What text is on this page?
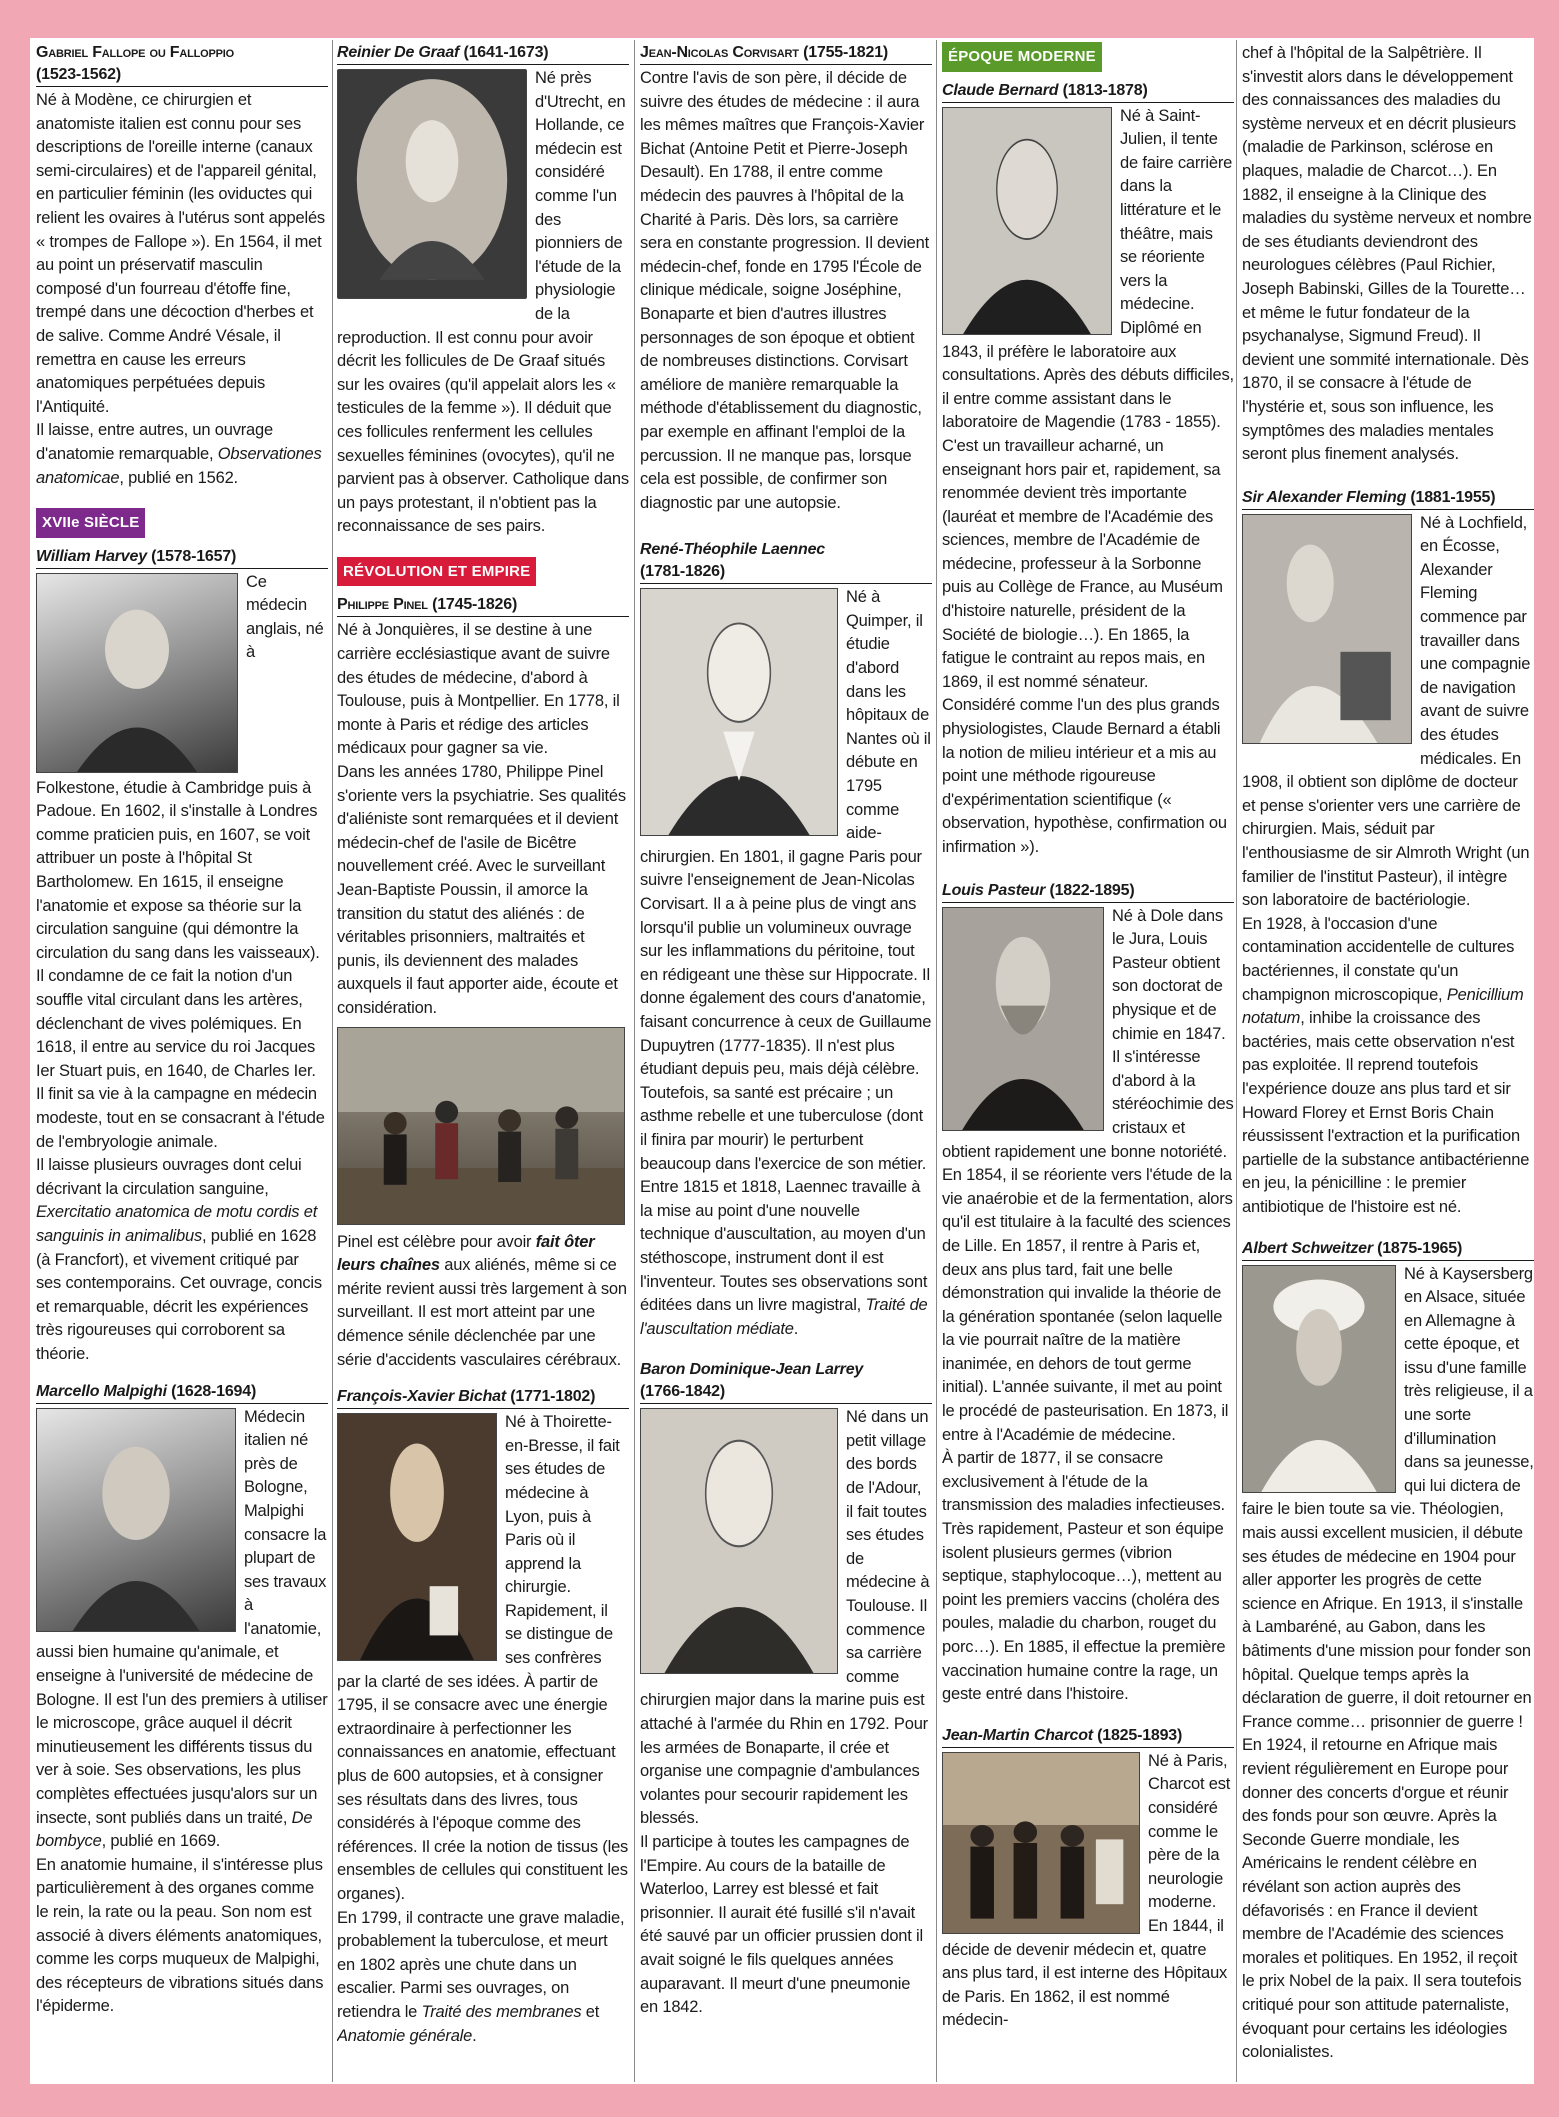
Gabriel Fallope ou Falloppio
(1523-1562)

Né à Modène, ce chirurgien et anatomiste italien est connu pour ses descriptions de l'oreille interne (canaux semi-circulaires) et de l'appareil génital, en particulier féminin (les oviductes qui relient les ovaires à l'utérus sont appelés « trompes de Fallope »). En 1564, il met au point un préservatif masculin composé d'un fourreau d'étoffe fine, trempé dans une décoction d'herbes et de salive. Comme André Vésale, il remettra en cause les erreurs anatomiques perpétuées depuis l'Antiquité.

Il laisse, entre autres, un ouvrage d'anatomie remarquable, Observationes anatomicae, publié en 1562.

XVIIe SIÈCLE
William Harvey (1578-1657)

Ce médecin anglais, né à Folkestone, étudie à Cambridge puis à Padoue. En 1602, il s'installe à Londres comme praticien puis, en 1607, se voit attribuer un poste à l'hôpital St Bartholomew. En 1615, il enseigne l'anatomie et expose sa théorie sur la circulation sanguine (qui démontre la circulation du sang dans les vaisseaux). Il condamne de ce fait la notion d'un souffle vital circulant dans les artères, déclenchant de vives polémiques. En 1618, il entre au service du roi Jacques Ier Stuart puis, en 1640, de Charles Ier. Il finit sa vie à la campagne en médecin modeste, tout en se consacrant à l'étude de l'embryologie animale.

Il laisse plusieurs ouvrages dont celui décrivant la circulation sanguine, Exercitatio anatomica de motu cordis et sanguinis in animalibus, publié en 1628 (à Francfort), et vivement critiqué par ses contemporains. Cet ouvrage, concis et remarquable, décrit les expériences très rigoureuses qui corroborent sa théorie.

Marcello Malpighi (1628-1694)

Médecin italien né près de Bologne, Malpighi consacre la plupart de ses travaux à l'anatomie, aussi bien humaine qu'animale, et enseigne à l'université de médecine de Bologne. Il est l'un des premiers à utiliser le microscope, grâce auquel il décrit minutieusement les différents tissus du ver à soie. Ses observations, les plus complètes effectuées jusqu'alors sur un insecte, sont publiés dans un traité, De bombyce, publié en 1669.

En anatomie humaine, il s'intéresse plus particulièrement à des organes comme le rein, la rate ou la peau. Son nom est associé à divers éléments anatomiques, comme les corps muqueux de Malpighi, des récepteurs de vibrations situés dans l'épiderme.

Reinier De Graaf (1641-1673)

Né près d'Utrecht, en Hollande, ce médecin est considéré comme l'un des pionniers de l'étude de la physiologie de la reproduction. Il est connu pour avoir décrit les follicules de De Graaf situés sur les ovaires (qu'il appelait alors les « testicules de la femme »). Il déduit que ces follicules renferment les cellules sexuelles féminines (ovocytes), qu'il ne parvient pas à observer. Catholique dans un pays protestant, il n'obtient pas la reconnaissance de ses pairs.

RÉVOLUTION ET EMPIRE
Philippe Pinel (1745-1826)

Né à Jonquières, il se destine à une carrière ecclésiastique avant de suivre des études de médecine, d'abord à Toulouse, puis à Montpellier. En 1778, il monte à Paris et rédige des articles médicaux pour gagner sa vie.

Dans les années 1780, Philippe Pinel s'oriente vers la psychiatrie. Ses qualités d'aliéniste sont remarquées et il devient médecin-chef de l'asile de Bicêtre nouvellement créé. Avec le surveillant Jean-Baptiste Poussin, il amorce la transition du statut des aliénés : de véritables prisonniers, maltraités et punis, ils deviennent des malades auxquels il faut apporter aide, écoute et considération.

Pinel est célèbre pour avoir fait ôter leurs chaînes aux aliénés, même si ce mérite revient aussi très largement à son surveillant. Il est mort atteint par une démence sénile déclenchée par une série d'accidents vasculaires cérébraux.

François-Xavier Bichat (1771-1802)

Né à Thoirette-en-Bresse, il fait ses études de médecine à Lyon, puis à Paris où il apprend la chirurgie. Rapidement, il se distingue de ses confrères par la clarté de ses idées. À partir de 1795, il se consacre avec une énergie extraordinaire à perfectionner les connaissances en anatomie, effectuant plus de 600 autopsies, et à consigner ses résultats dans des livres, tous considérés à l'époque comme des références. Il crée la notion de tissus (les ensembles de cellules qui constituent les organes).

En 1799, il contracte une grave maladie, probablement la tuberculose, et meurt en 1802 après une chute dans un escalier. Parmi ses ouvrages, on retiendra le Traité des membranes et Anatomie générale.

Jean-Nicolas Corvisart (1755-1821)

Contre l'avis de son père, il décide de suivre des études de médecine : il aura les mêmes maîtres que François-Xavier Bichat (Antoine Petit et Pierre-Joseph Desault). En 1788, il entre comme médecin des pauvres à l'hôpital de la Charité à Paris. Dès lors, sa carrière sera en constante progression. Il devient médecin-chef, fonde en 1795 l'École de clinique médicale, soigne Joséphine, Bonaparte et bien d'autres illustres personnages de son époque et obtient de nombreuses distinctions. Corvisart améliore de manière remarquable la méthode d'établissement du diagnostic, par exemple en affinant l'emploi de la percussion. Il ne manque pas, lorsque cela est possible, de confirmer son diagnostic par une autopsie.

René-Théophile Laennec
(1781-1826)

Né à Quimper, il étudie d'abord dans les hôpitaux de Nantes où il débute en 1795 comme aide-chirurgien. En 1801, il gagne Paris pour suivre l'enseignement de Jean-Nicolas Corvisart. Il a à peine plus de vingt ans lorsqu'il publie un volumineux ouvrage sur les inflammations du péritoine, tout en rédigeant une thèse sur Hippocrate. Il donne également des cours d'anatomie, faisant concurrence à ceux de Guillaume Dupuytren (1777-1835). Il n'est plus étudiant depuis peu, mais déjà célèbre. Toutefois, sa santé est précaire ; un asthme rebelle et une tuberculose (dont il finira par mourir) le perturbent beaucoup dans l'exercice de son métier.

Entre 1815 et 1818, Laennec travaille à la mise au point d'une nouvelle technique d'auscultation, au moyen d'un stéthoscope, instrument dont il est l'inventeur. Toutes ses observations sont éditées dans un livre magistral, Traité de l'auscultation médiate.

Baron Dominique-Jean Larrey
(1766-1842)

Né dans un petit village des bords de l'Adour, il fait toutes ses études de médecine à Toulouse. Il commence sa carrière comme chirurgien major dans la marine puis est attaché à l'armée du Rhin en 1792. Pour les armées de Bonaparte, il crée et organise une compagnie d'ambulances volantes pour secourir rapidement les blessés.

Il participe à toutes les campagnes de l'Empire. Au cours de la bataille de Waterloo, Larrey est blessé et fait prisonnier. Il aurait été fusillé s'il n'avait été sauvé par un officier prussien dont il avait soigné le fils quelques années auparavant. Il meurt d'une pneumonie en 1842.

ÉPOQUE MODERNE
Claude Bernard (1813-1878)

Né à Saint-Julien, il tente de faire carrière dans la littérature et le théâtre, mais se réoriente vers la médecine. Diplômé en 1843, il préfère le laboratoire aux consultations. Après des débuts difficiles, il entre comme assistant dans le laboratoire de Magendie (1783 - 1855). C'est un travailleur acharné, un enseignant hors pair et, rapidement, sa renommée devient très importante (lauréat et membre de l'Académie des sciences, membre de l'Académie de médecine, professeur à la Sorbonne puis au Collège de France, au Muséum d'histoire naturelle, président de la Société de biologie…). En 1865, la fatigue le contraint au repos mais, en 1869, il est nommé sénateur.

Considéré comme l'un des plus grands physiologistes, Claude Bernard a établi la notion de milieu intérieur et a mis au point une méthode rigoureuse d'expérimentation scientifique (« observation, hypothèse, confirmation ou infirmation »).

Louis Pasteur (1822-1895)

Né à Dole dans le Jura, Louis Pasteur obtient son doctorat de physique et de chimie en 1847. Il s'intéresse d'abord à la stéréochimie des cristaux et obtient rapidement une bonne notoriété. En 1854, il se réoriente vers l'étude de la vie anaérobie et de la fermentation, alors qu'il est titulaire à la faculté des sciences de Lille. En 1857, il rentre à Paris et, deux ans plus tard, fait une belle démonstration qui invalide la théorie de la génération spontanée (selon laquelle la vie pourrait naître de la matière inanimée, en dehors de tout germe initial). L'année suivante, il met au point le procédé de pasteurisation. En 1873, il entre à l'Académie de médecine.

À partir de 1877, il se consacre exclusivement à l'étude de la transmission des maladies infectieuses. Très rapidement, Pasteur et son équipe isolent plusieurs germes (vibrion septique, staphylocoque…), mettent au point les premiers vaccins (choléra des poules, maladie du charbon, rouget du porc…). En 1885, il effectue la première vaccination humaine contre la rage, un geste entré dans l'histoire.

Jean-Martin Charcot (1825-1893)

Né à Paris, Charcot est considéré comme le père de la neurologie moderne. En 1844, il décide de devenir médecin et, quatre ans plus tard, il est interne des Hôpitaux de Paris. En 1862, il est nommé médecin-

chef à l'hôpital de la Salpêtrière. Il s'investit alors dans le développement des connaissances des maladies du système nerveux et en décrit plusieurs (maladie de Parkinson, sclérose en plaques, maladie de Charcot…). En 1882, il enseigne à la Clinique des maladies du système nerveux et nombre de ses étudiants deviendront des neurologues célèbres (Paul Richier, Joseph Babinski, Gilles de la Tourette… et même le futur fondateur de la psychanalyse, Sigmund Freud). Il devient une sommité internationale. Dès 1870, il se consacre à l'étude de l'hystérie et, sous son influence, les symptômes des maladies mentales seront plus finement analysés.

Sir Alexander Fleming (1881-1955)

Né à Lochfield, en Écosse, Alexander Fleming commence par travailler dans une compagnie de navigation avant de suivre des études médicales. En 1908, il obtient son diplôme de docteur et pense s'orienter vers une carrière de chirurgien. Mais, séduit par l'enthousiasme de sir Almroth Wright (un familier de l'institut Pasteur), il intègre son laboratoire de bactériologie.

En 1928, à l'occasion d'une contamination accidentelle de cultures bactériennes, il constate qu'un champignon microscopique, Penicillium notatum, inhibe la croissance des bactéries, mais cette observation n'est pas exploitée. Il reprend toutefois l'expérience douze ans plus tard et sir Howard Florey et Ernst Boris Chain réussissent l'extraction et la purification partielle de la substance antibactérienne en jeu, la pénicilline : le premier antibiotique de l'histoire est né.

Albert Schweitzer (1875-1965)

Né à Kaysersberg en Alsace, située en Allemagne à cette époque, et issu d'une famille très religieuse, il a une sorte d'illumination dans sa jeunesse, qui lui dictera de faire le bien toute sa vie. Théologien, mais aussi excellent musicien, il débute ses études de médecine en 1904 pour aller apporter les progrès de cette science en Afrique. En 1913, il s'installe à Lambaréné, au Gabon, dans les bâtiments d'une mission pour fonder son hôpital. Quelque temps après la déclaration de guerre, il doit retourner en France comme… prisonnier de guerre !

En 1924, il retourne en Afrique mais revient régulièrement en Europe pour donner des concerts d'orgue et réunir des fonds pour son œuvre. Après la Seconde Guerre mondiale, les Américains le rendent célèbre en révélant son action auprès des défavorisés : en France il devient membre de l'Académie des sciences morales et politiques. En 1952, il reçoit le prix Nobel de la paix. Il sera toutefois critiqué pour son attitude paternaliste, évoquant pour certains les idéologies colonialistes.
